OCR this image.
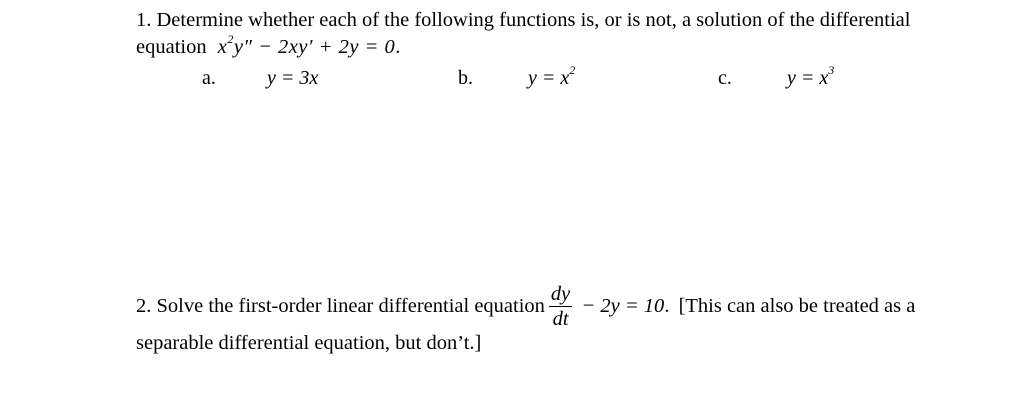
1. Determine whether each of the following functions is, or is not, a solution of the differential
equation $x^2y'' - 2xy' + 2y = 0$.
a.	y = 3x	b.	$y = x^2$	c.	$y = x^3$
2. Solve the first-order linear differential equation $\frac{dy}{dt} - 2y = 10$. [This can also be treated as a
separable differential equation, but don’t.]
